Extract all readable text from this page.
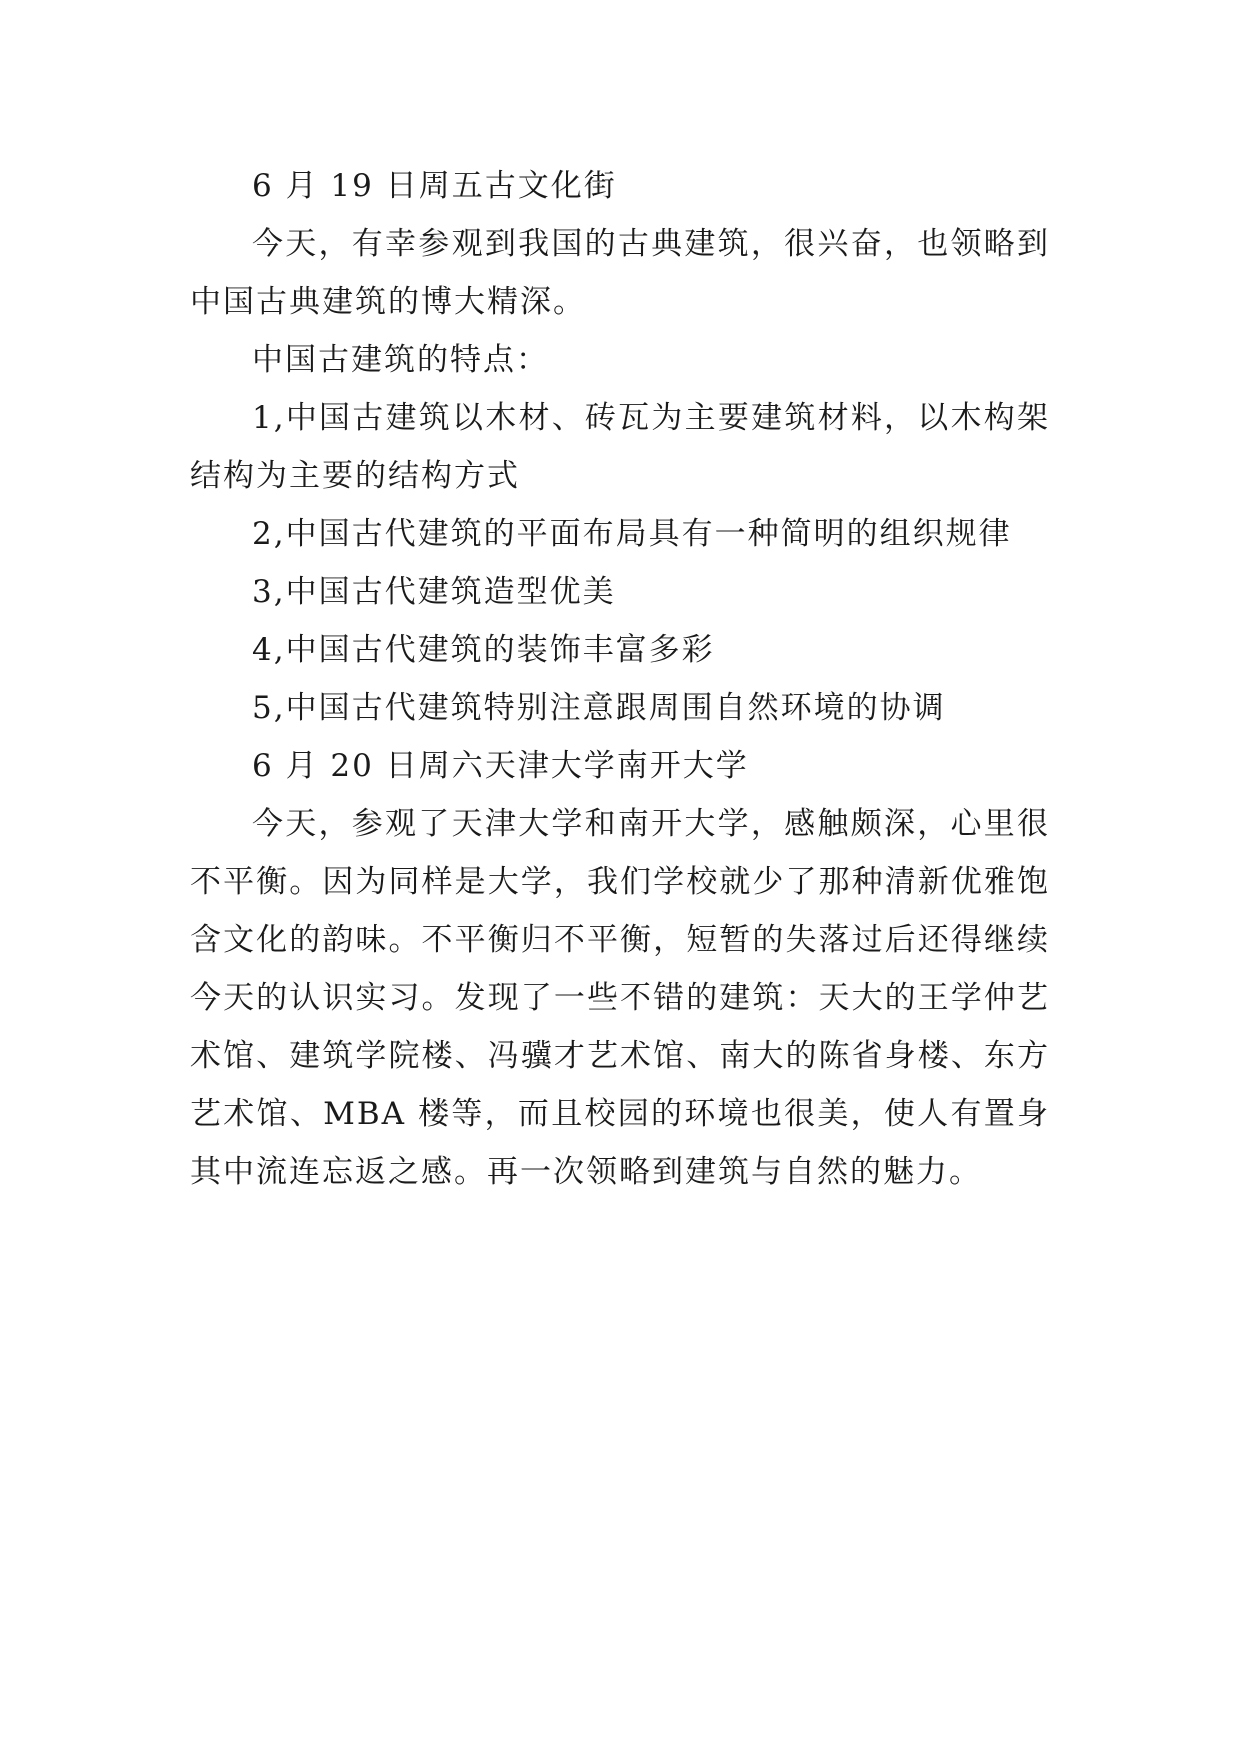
6 月 19 日周五古文化街

今天，有幸参观到我国的古典建筑，很兴奋，也领略到中国古典建筑的博大精深。

中国古建筑的特点：

1,中国古建筑以木材、砖瓦为主要建筑材料，以木构架结构为主要的结构方式

2,中国古代建筑的平面布局具有一种简明的组织规律

3,中国古代建筑造型优美

4,中国古代建筑的装饰丰富多彩

5,中国古代建筑特别注意跟周围自然环境的协调

6 月 20 日周六天津大学南开大学

今天，参观了天津大学和南开大学，感触颇深，心里很不平衡。因为同样是大学，我们学校就少了那种清新优雅饱含文化的韵味。不平衡归不平衡，短暂的失落过后还得继续今天的认识实习。发现了一些不错的建筑：天大的王学仲艺术馆、建筑学院楼、冯骥才艺术馆、南大的陈省身楼、东方艺术馆、MBA 楼等，而且校园的环境也很美，使人有置身其中流连忘返之感。再一次领略到建筑与自然的魅力。
